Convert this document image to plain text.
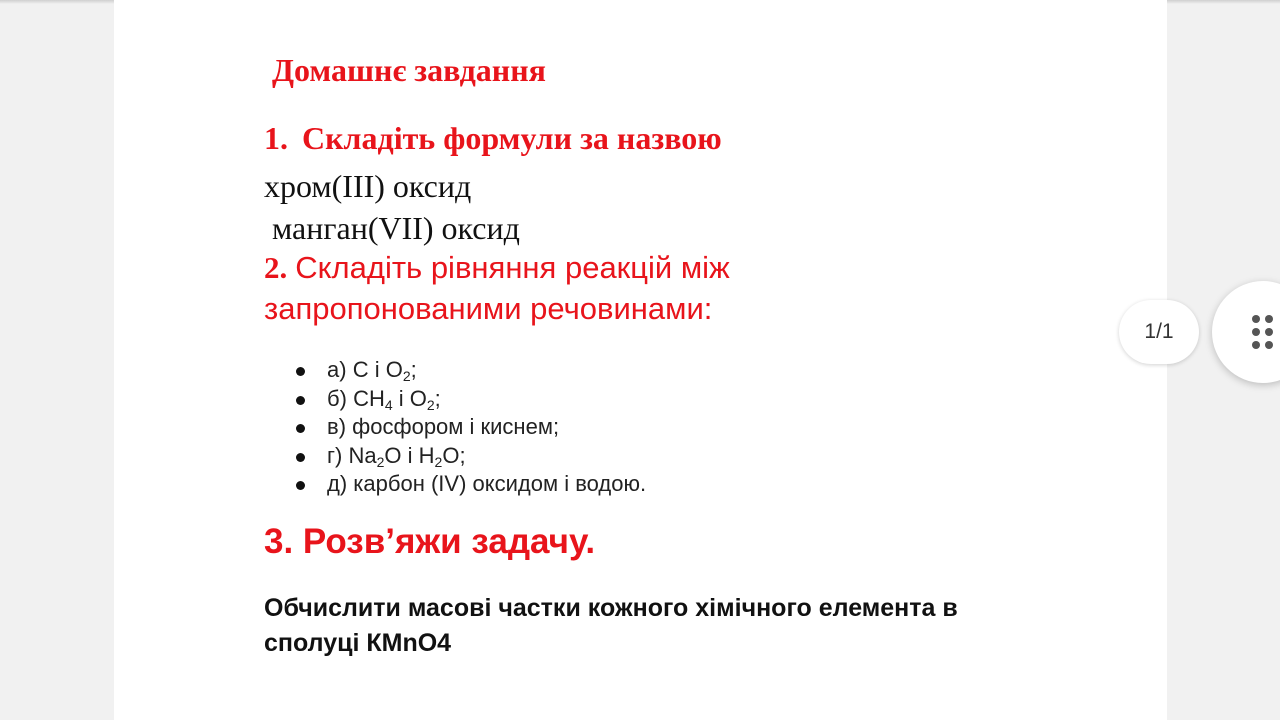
Домашнє завдання
1. Складіть формули за назвою
хром(III) оксид
манган(VII) оксид
2. Складіть рівняння реакцій між
запропонованими речовинами:
а) C і $O_2$;
б) $CH_4$ і $O_2$;
в) фосфором і киснем;
г) $Na_2O$ і $H_2O$;
д) карбон (IV) оксидом і водою.
3. Розв’яжи задачу.
Обчислити масові частки кожного хімічного елемента в
сполуці КMnO4
1/1
